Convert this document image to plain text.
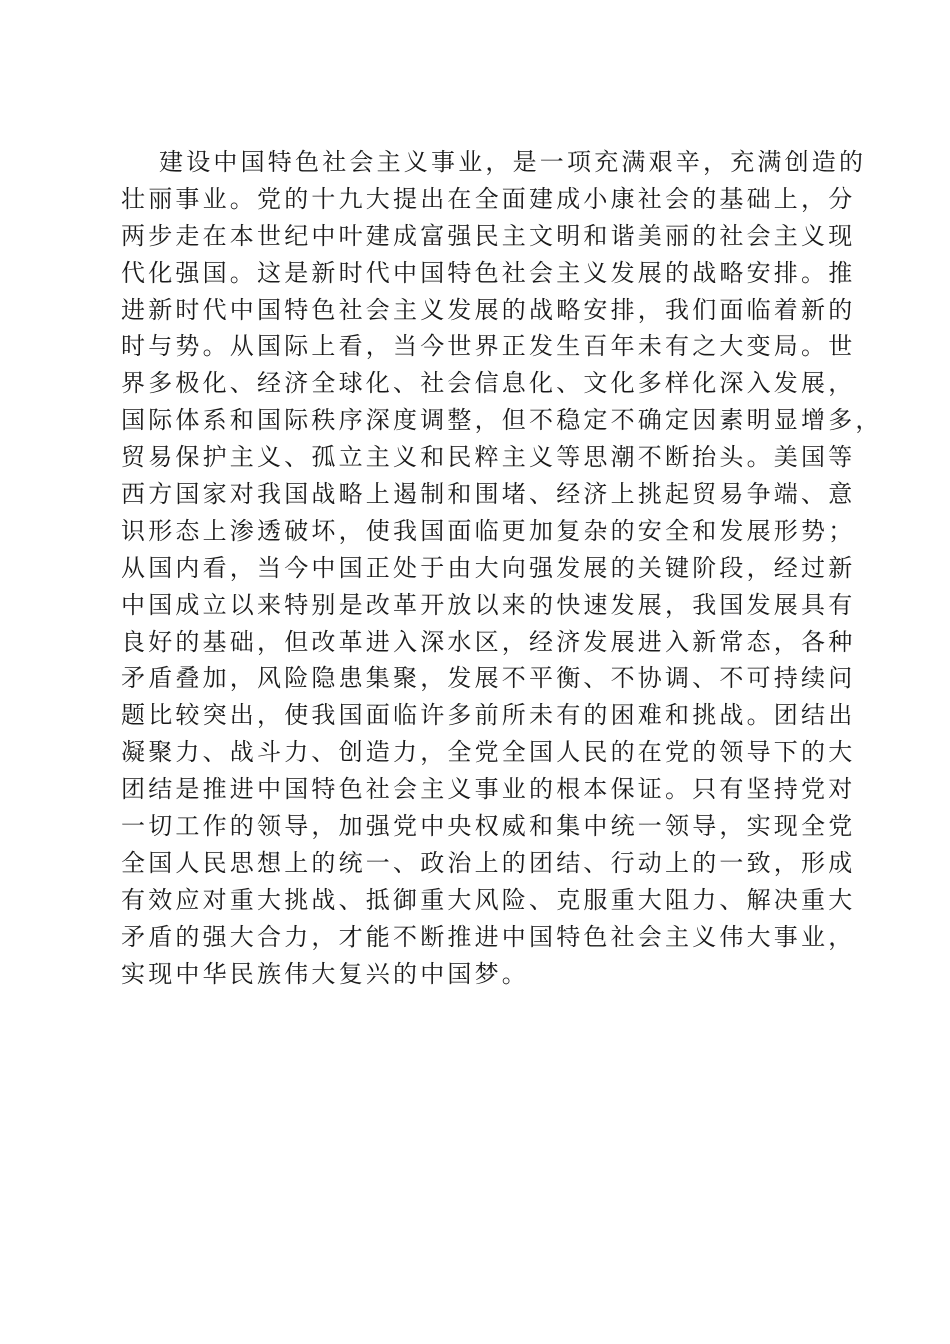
建设中国特色社会主义事业，是一项充满艰辛，充满创造的
壮丽事业。党的十九大提出在全面建成小康社会的基础上，分
两步走在本世纪中叶建成富强民主文明和谐美丽的社会主义现
代化强国。这是新时代中国特色社会主义发展的战略安排。推
进新时代中国特色社会主义发展的战略安排，我们面临着新的
时与势。从国际上看，当今世界正发生百年未有之大变局。世
界多极化、经济全球化、社会信息化、文化多样化深入发展，
国际体系和国际秩序深度调整，但不稳定不确定因素明显增多，
贸易保护主义、孤立主义和民粹主义等思潮不断抬头。美国等
西方国家对我国战略上遏制和围堵、经济上挑起贸易争端、意
识形态上渗透破坏，使我国面临更加复杂的安全和发展形势；
从国内看，当今中国正处于由大向强发展的关键阶段，经过新
中国成立以来特别是改革开放以来的快速发展，我国发展具有
良好的基础，但改革进入深水区，经济发展进入新常态，各种
矛盾叠加，风险隐患集聚，发展不平衡、不协调、不可持续问
题比较突出，使我国面临许多前所未有的困难和挑战。团结出
凝聚力、战斗力、创造力，全党全国人民的在党的领导下的大
团结是推进中国特色社会主义事业的根本保证。只有坚持党对
一切工作的领导，加强党中央权威和集中统一领导，实现全党
全国人民思想上的统一、政治上的团结、行动上的一致，形成
有效应对重大挑战、抵御重大风险、克服重大阻力、解决重大
矛盾的强大合力，才能不断推进中国特色社会主义伟大事业，
实现中华民族伟大复兴的中国梦。
